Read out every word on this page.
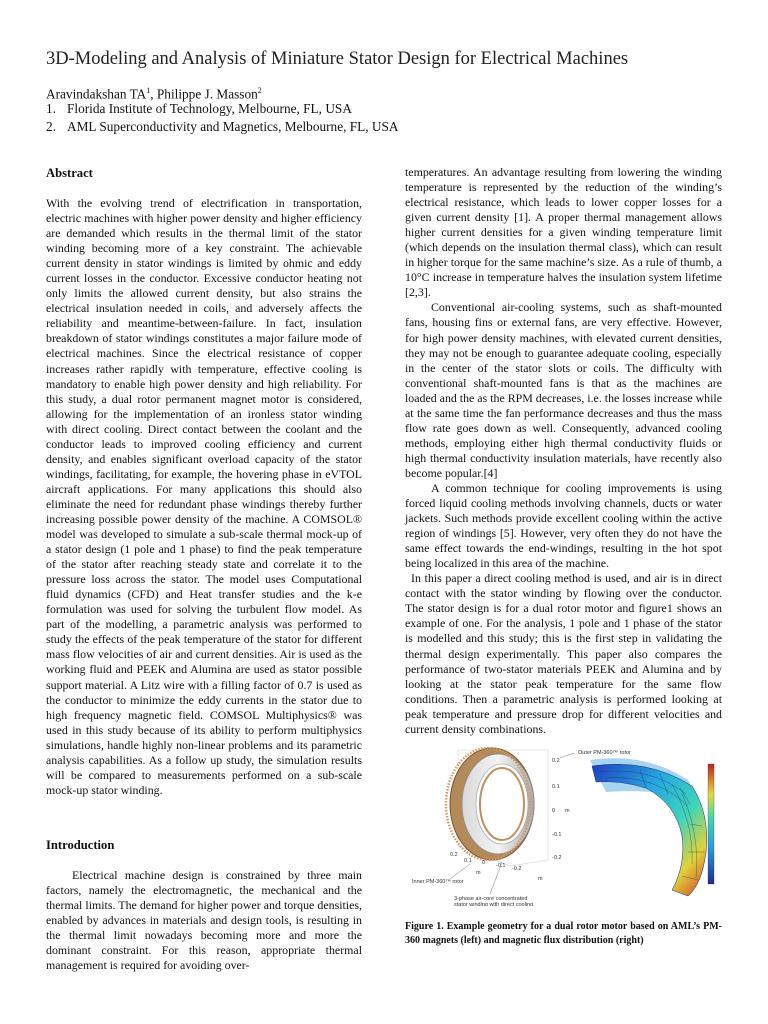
3D-Modeling and Analysis of Miniature Stator Design for Electrical Machines
Aravindakshan $TA^1$, Philippe J. Masson$^2$
1. Florida Institute of Technology, Melbourne, FL, USA
2. AML Superconductivity and Magnetics, Melbourne, FL, USA
Abstract

With the evolving trend of electrification in transportation, electric machines with higher power density and higher efficiency are demanded which results in the thermal limit of the stator winding becoming more of a key constraint. The achievable current density in stator windings is limited by ohmic and eddy current losses in the conductor. Excessive conductor heating not only limits the allowed current density, but also strains the electrical insulation needed in coils, and adversely affects the reliability and meantime-between-failure. In fact, insulation breakdown of stator windings constitutes a major failure mode of electrical machines. Since the electrical resistance of copper increases rather rapidly with temperature, effective cooling is mandatory to enable high power density and high reliability. For this study, a dual rotor permanent magnet motor is considered, allowing for the implementation of an ironless stator winding with direct cooling. Direct contact between the coolant and the conductor leads to improved cooling efficiency and current density, and enables significant overload capacity of the stator windings, facilitating, for example, the hovering phase in eVTOL aircraft applications. For many applications this should also eliminate the need for redundant phase windings thereby further increasing possible power density of the machine. A COMSOL® model was developed to simulate a sub-scale thermal mock-up of a stator design (1 pole and 1 phase) to find the peak temperature of the stator after reaching steady state and correlate it to the pressure loss across the stator. The model uses Computational fluid dynamics (CFD) and Heat transfer studies and the k-e formulation was used for solving the turbulent flow model. As part of the modelling, a parametric analysis was performed to study the effects of the peak temperature of the stator for different mass flow velocities of air and current densities. Air is used as the working fluid and PEEK and Alumina are used as stator possible support material. A Litz wire with a filling factor of 0.7 is used as the conductor to minimize the eddy currents in the stator due to high frequency magnetic field. COMSOL Multiphysics® was used in this study because of its ability to perform multiphysics simulations, handle highly non-linear problems and its parametric analysis capabilities. As a follow up study, the simulation results will be compared to measurements performed on a sub-scale mock-up stator winding.

Introduction

Electrical machine design is constrained by three main factors, namely the electromagnetic, the mechanical and the thermal limits. The demand for higher power and torque densities, enabled by advances in materials and design tools, is resulting in the thermal limit nowadays becoming more and more the dominant constraint. For this reason, appropriate thermal management is required for avoiding over-

temperatures. An advantage resulting from lowering the winding temperature is represented by the reduction of the winding’s electrical resistance, which leads to lower copper losses for a given current density [1]. A proper thermal management allows higher current densities for a given winding temperature limit (which depends on the insulation thermal class), which can result in higher torque for the same machine’s size. As a rule of thumb, a 10°C increase in temperature halves the insulation system lifetime [2,3].

Conventional air-cooling systems, such as shaft-mounted fans, housing fins or external fans, are very effective. However, for high power density machines, with elevated current densities, they may not be enough to guarantee adequate cooling, especially in the center of the stator slots or coils. The difficulty with conventional shaft-mounted fans is that as the machines are loaded and the as the RPM decreases, i.e. the losses increase while at the same time the fan performance decreases and thus the mass flow rate goes down as well. Consequently, advanced cooling methods, employing either high thermal conductivity fluids or high thermal conductivity insulation materials, have recently also become popular.[4]

A common technique for cooling improvements is using forced liquid cooling methods involving channels, ducts or water jackets. Such methods provide excellent cooling within the active region of windings [5]. However, very often they do not have the same effect towards the end-windings, resulting in the hot spot being localized in this area of the machine.

In this paper a direct cooling method is used, and air is in direct contact with the stator winding by flowing over the conductor. The stator design is for a dual rotor motor and figure1 shows an example of one. For the analysis, 1 pole and 1 phase of the stator is modelled and this study; this is the first step in validating the thermal design experimentally. This paper also compares the performance of two-stator materials PEEK and Alumina and by looking at the stator peak temperature for the same flow conditions. Then a parametric analysis is performed looking at peak temperature and pressure drop for different velocities and current density combinations.

0.2
0.1
0
-0.1
-0.2
m
0.2
0.1 0 -0.1 -0.2
m
m
Outer PM-360™ rotor
Inner PM-360™ rotor
3-phase air-core concentrated
stator winding with direct cooling
Figure 1. Example geometry for a dual rotor motor based on AML’s PM-360 magnets (left) and magnetic flux distribution (right)
